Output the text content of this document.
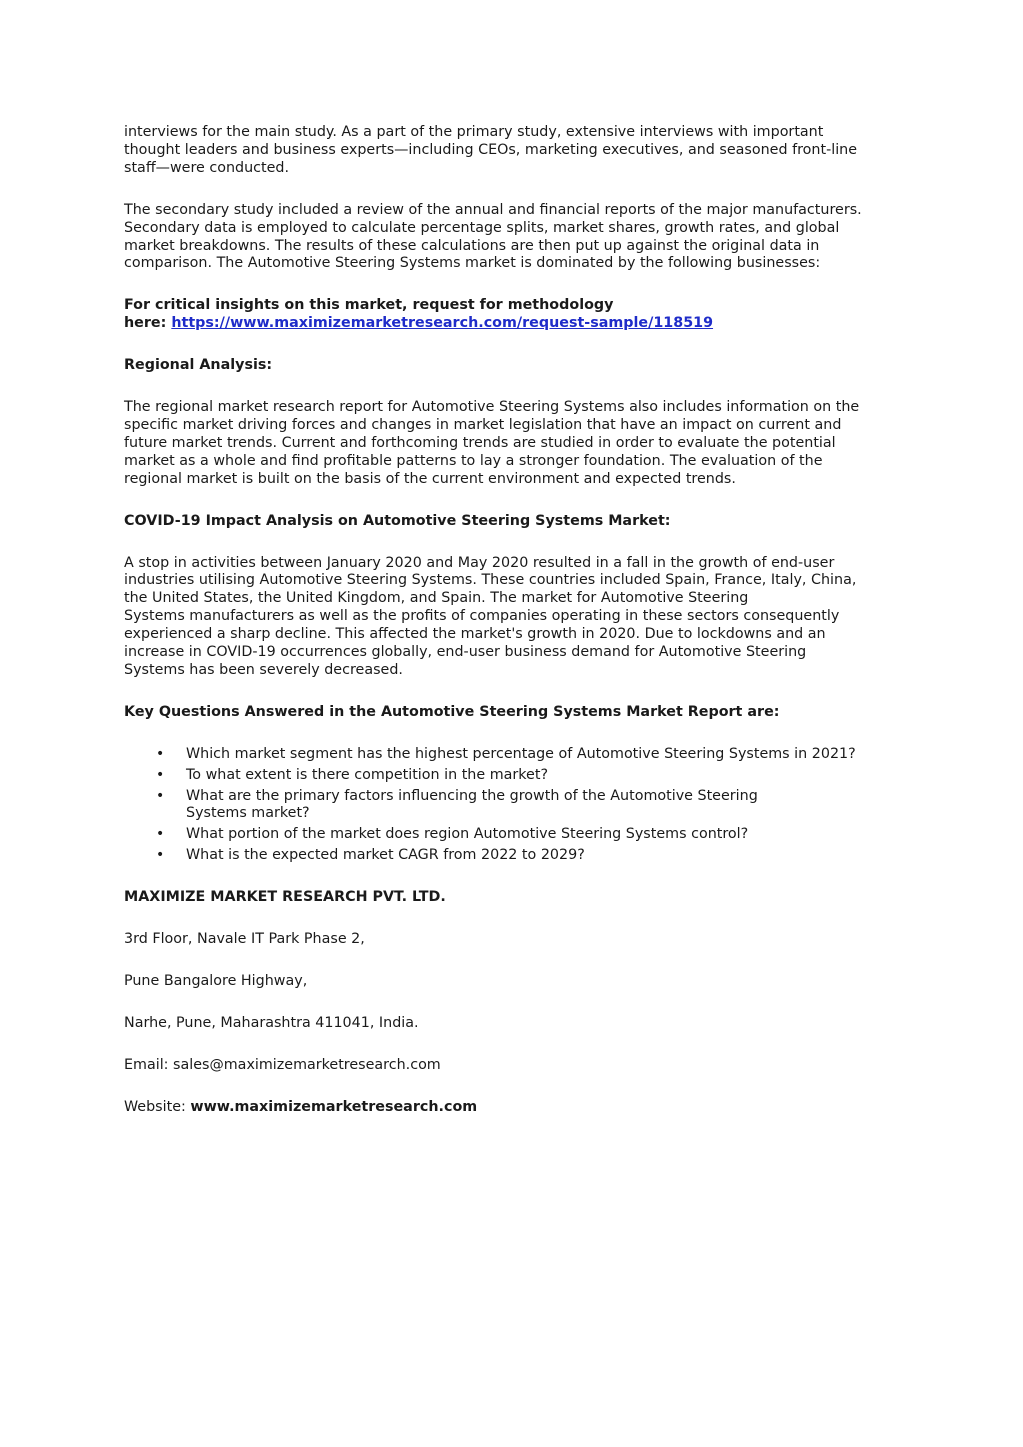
interviews for the main study. As a part of the primary study, extensive interviews with important
thought leaders and business experts—including CEOs, marketing executives, and seasoned front-line
staff—were conducted.

The secondary study included a review of the annual and financial reports of the major manufacturers.
Secondary data is employed to calculate percentage splits, market shares, growth rates, and global
market breakdowns. The results of these calculations are then put up against the original data in
comparison. The Automotive Steering Systems market is dominated by the following businesses:

For critical insights on this market, request for methodology
here: https://www.maximizemarketresearch.com/request-sample/118519

Regional Analysis:

The regional market research report for Automotive Steering Systems also includes information on the
specific market driving forces and changes in market legislation that have an impact on current and
future market trends. Current and forthcoming trends are studied in order to evaluate the potential
market as a whole and find profitable patterns to lay a stronger foundation. The evaluation of the
regional market is built on the basis of the current environment and expected trends.

COVID-19 Impact Analysis on Automotive Steering Systems Market:

A stop in activities between January 2020 and May 2020 resulted in a fall in the growth of end-user
industries utilising Automotive Steering Systems. These countries included Spain, France, Italy, China,
the United States, the United Kingdom, and Spain. The market for Automotive Steering
Systems manufacturers as well as the profits of companies operating in these sectors consequently
experienced a sharp decline. This affected the market's growth in 2020. Due to lockdowns and an
increase in COVID-19 occurrences globally, end-user business demand for Automotive Steering
Systems has been severely decreased.

Key Questions Answered in the Automotive Steering Systems Market Report are:

• Which market segment has the highest percentage of Automotive Steering Systems in 2021?
• To what extent is there competition in the market?
• What are the primary factors influencing the growth of the Automotive Steering
Systems market?
• What portion of the market does region Automotive Steering Systems control?
• What is the expected market CAGR from 2022 to 2029?

MAXIMIZE MARKET RESEARCH PVT. LTD.

3rd Floor, Navale IT Park Phase 2,

Pune Bangalore Highway,

Narhe, Pune, Maharashtra 411041, India.

Email: sales@maximizemarketresearch.com

Website: www.maximizemarketresearch.com
